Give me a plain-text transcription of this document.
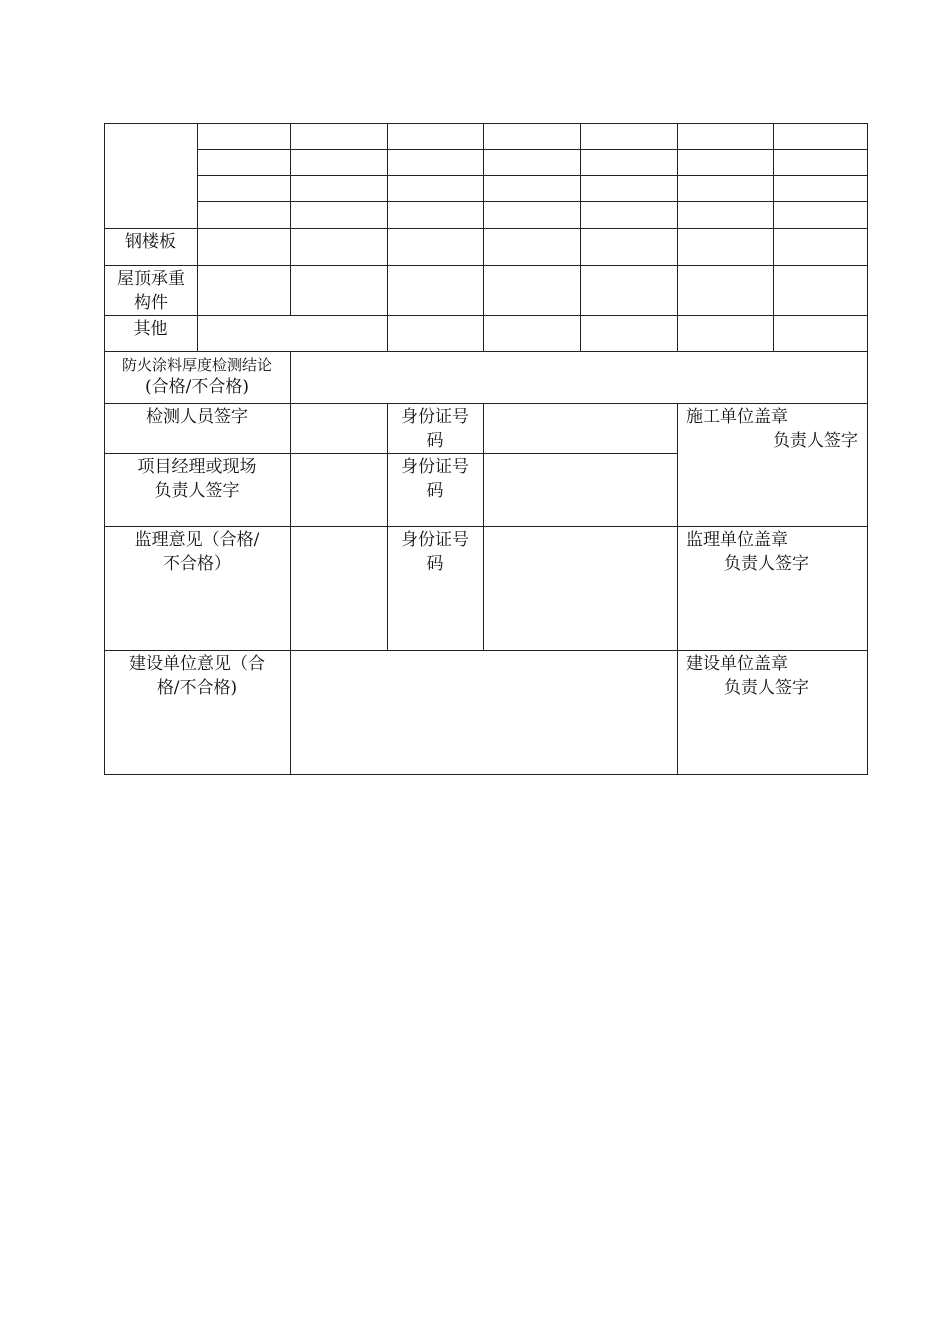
钢楼板
屋顶承重构件
其他
防火涂料厚度检测结论
(合格/不合格)
检测人员签字	身份证号码
施工单位盖章
负责人签字
项目经理或现场
负责人签字
身份证号码
监理意见（合格/
不合格）
身份证号码
监理单位盖章
负责人签字
建设单位意见（合
格/不合格)
建设单位盖章
负责人签字
